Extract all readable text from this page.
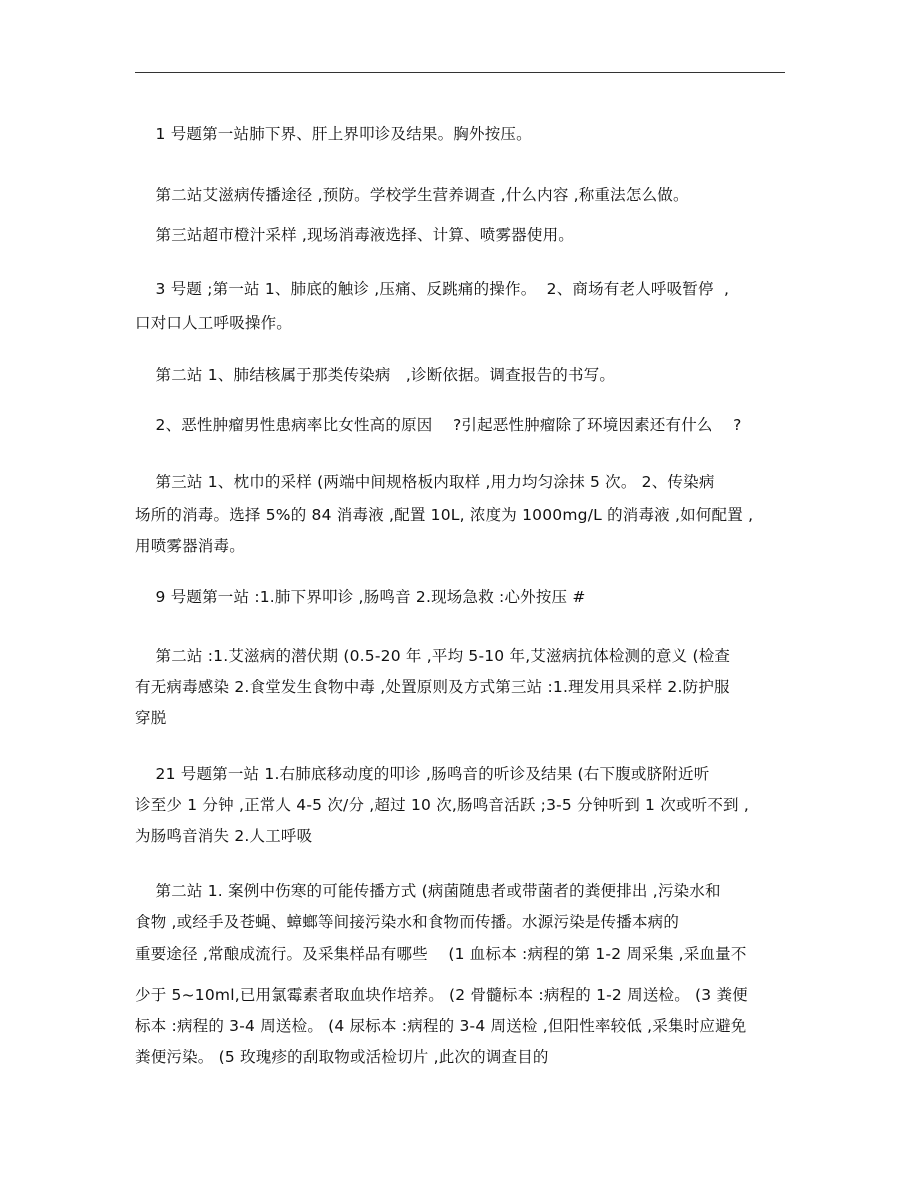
1 号题第一站肺下界、肝上界叩诊及结果。胸外按压。
第二站艾滋病传播途径 ,预防。学校学生营养调查 ,什么内容 ,称重法怎么做。
第三站超市橙汁采样 ,现场消毒液选择、计算、喷雾器使用。
3 号题 ;第一站 1、肺底的触诊 ,压痛、反跳痛的操作。  2、商场有老人呼吸暂停  ,
口对口人工呼吸操作。
第二站 1、肺结核属于那类传染病   ,诊断依据。调查报告的书写。
2、恶性肿瘤男性患病率比女性高的原因    ?引起恶性肿瘤除了环境因素还有什么    ?
第三站 1、枕巾的采样 (两端中间规格板内取样 ,用力均匀涂抹 5 次。 2、传染病
场所的消毒。选择 5%的 84 消毒液 ,配置 10L, 浓度为 1000mg/L 的消毒液 ,如何配置 ,
用喷雾器消毒。
9 号题第一站 :1.肺下界叩诊 ,肠鸣音 2.现场急救 :心外按压 #
第二站 :1.艾滋病的潜伏期 (0.5-20 年 ,平均 5-10 年,艾滋病抗体检测的意义 (检查
有无病毒感染 2.食堂发生食物中毒 ,处置原则及方式第三站 :1.理发用具采样 2.防护服
穿脱
21 号题第一站 1.右肺底移动度的叩诊 ,肠鸣音的听诊及结果 (右下腹或脐附近听
诊至少 1 分钟 ,正常人 4-5 次/分 ,超过 10 次,肠鸣音活跃 ;3-5 分钟听到 1 次或听不到 ,
为肠鸣音消失 2.人工呼吸
第二站 1. 案例中伤寒的可能传播方式 (病菌随患者或带菌者的粪便排出 ,污染水和
食物 ,或经手及苍蝇、蟑螂等间接污染水和食物而传播。水源污染是传播本病的
重要途径 ,常酿成流行。及采集样品有哪些    (1 血标本 :病程的第 1-2 周采集 ,采血量不
少于 5~10ml,已用氯霉素者取血块作培养。 (2 骨髓标本 :病程的 1-2 周送检。 (3 粪便
标本 :病程的 3-4 周送检。 (4 尿标本 :病程的 3-4 周送检 ,但阳性率较低 ,采集时应避免
粪便污染。 (5 玫瑰疹的刮取物或活检切片 ,此次的调查目的
